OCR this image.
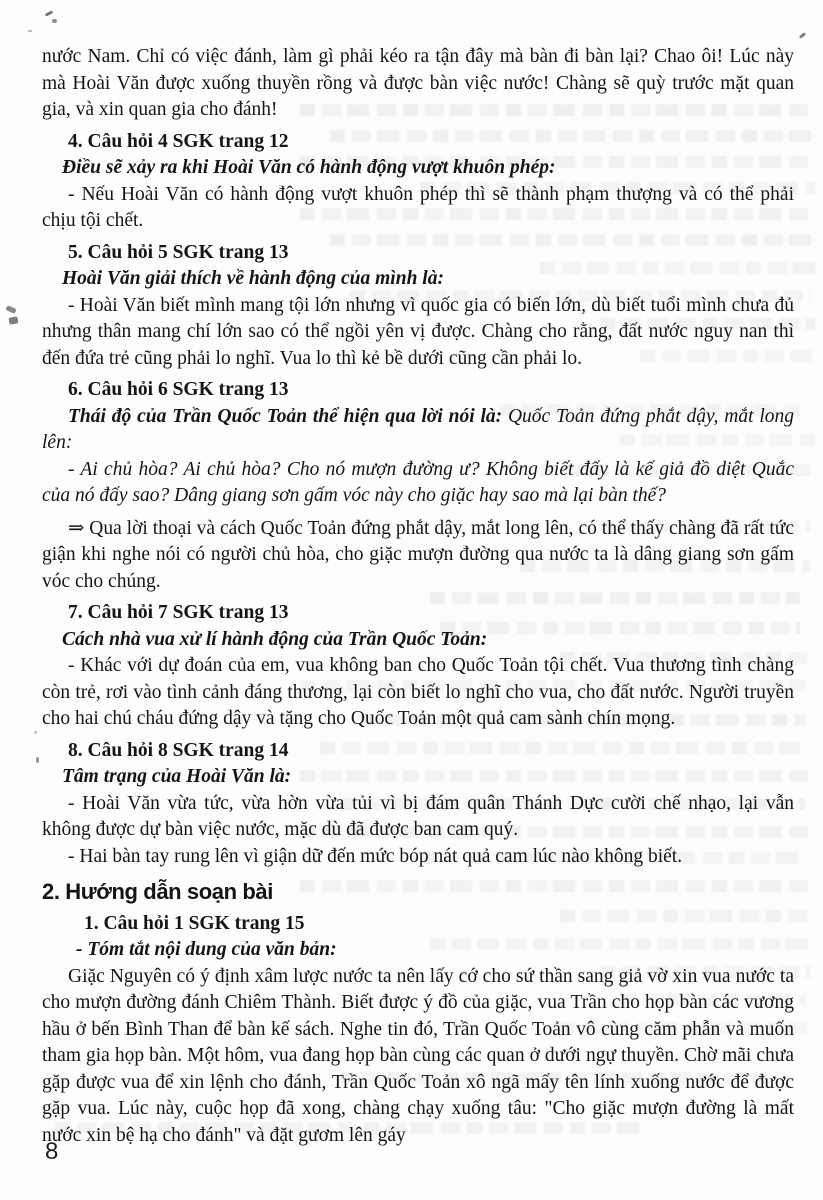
nước Nam. Chỉ có việc đánh, làm gì phải kéo ra tận đây mà bàn đi bàn lại? Chao ôi! Lúc này mà Hoài Văn được xuống thuyền rồng và được bàn việc nước! Chàng sẽ quỳ trước mặt quan gia, và xin quan gia cho đánh!

4. Câu hỏi 4 SGK trang 12

Điều sẽ xảy ra khi Hoài Văn có hành động vượt khuôn phép:

- Nếu Hoài Văn có hành động vượt khuôn phép thì sẽ thành phạm thượng và có thể phải chịu tội chết.

5. Câu hỏi 5 SGK trang 13

Hoài Văn giải thích về hành động của mình là:

- Hoài Văn biết mình mang tội lớn nhưng vì quốc gia có biến lớn, dù biết tuổi mình chưa đủ nhưng thân mang chí lớn sao có thể ngồi yên vị được. Chàng cho rằng, đất nước nguy nan thì đến đứa trẻ cũng phải lo nghĩ. Vua lo thì kẻ bề dưới cũng cần phải lo.

6. Câu hỏi 6 SGK trang 13

Thái độ của Trần Quốc Toản thể hiện qua lời nói là: Quốc Toản đứng phắt dậy, mắt long lên:

- Ai chủ hòa? Ai chủ hòa? Cho nó mượn đường ư? Không biết đấy là kế giả đồ diệt Quắc của nó đấy sao? Dâng giang sơn gấm vóc này cho giặc hay sao mà lại bàn thế?

⇒ Qua lời thoại và cách Quốc Toản đứng phắt dậy, mắt long lên, có thể thấy chàng đã rất tức giận khi nghe nói có người chủ hòa, cho giặc mượn đường qua nước ta là dâng giang sơn gấm vóc cho chúng.

7. Câu hỏi 7 SGK trang 13

Cách nhà vua xử lí hành động của Trần Quốc Toản:

- Khác với dự đoán của em, vua không ban cho Quốc Toản tội chết. Vua thương tình chàng còn trẻ, rơi vào tình cảnh đáng thương, lại còn biết lo nghĩ cho vua, cho đất nước. Người truyền cho hai chú cháu đứng dậy và tặng cho Quốc Toản một quả cam sành chín mọng.

8. Câu hỏi 8 SGK trang 14

Tâm trạng của Hoài Văn là:

- Hoài Văn vừa tức, vừa hờn vừa tủi vì bị đám quân Thánh Dực cười chế nhạo, lại vẫn không được dự bàn việc nước, mặc dù đã được ban cam quý.

- Hai bàn tay rung lên vì giận dữ đến mức bóp nát quả cam lúc nào không biết.

2. Hướng dẫn soạn bài

1. Câu hỏi 1 SGK trang 15

- Tóm tắt nội dung của văn bản:

Giặc Nguyên có ý định xâm lược nước ta nên lấy cớ cho sứ thần sang giả vờ xin vua nước ta cho mượn đường đánh Chiêm Thành. Biết được ý đồ của giặc, vua Trần cho họp bàn các vương hầu ở bến Bình Than để bàn kế sách. Nghe tin đó, Trần Quốc Toản vô cùng căm phẫn và muốn tham gia họp bàn. Một hôm, vua đang họp bàn cùng các quan ở dưới ngự thuyền. Chờ mãi chưa gặp được vua để xin lệnh cho đánh, Trần Quốc Toản xô ngã mấy tên lính xuống nước để được gặp vua. Lúc này, cuộc họp đã xong, chàng chạy xuống tâu: "Cho giặc mượn đường là mất nước xin bệ hạ cho đánh" và đặt gươm lên gáy

8
